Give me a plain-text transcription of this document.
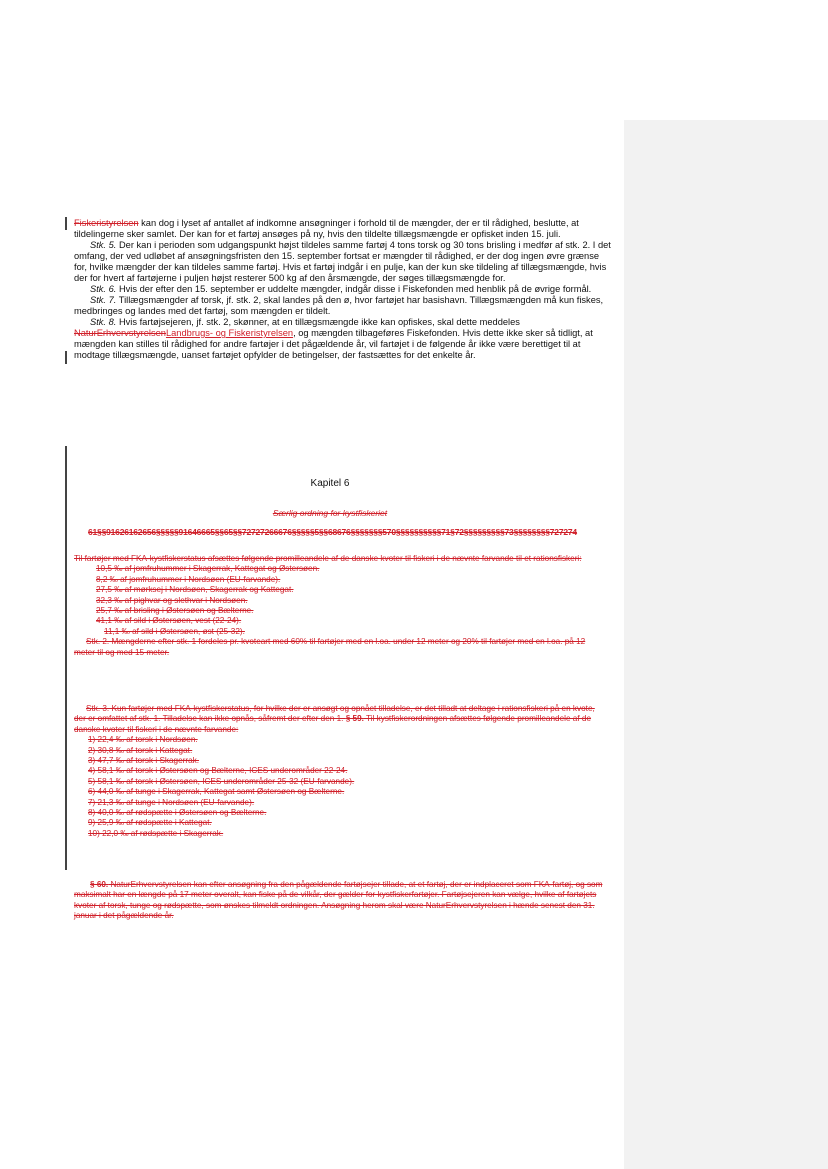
Fiskeristyrelsen kan dog i lyset af antallet af indkomne ansøgninger i forhold til de mængder, der er til rådighed, beslutte, at tildelingerne sker samlet. Der kan for et fartøj ansøges på ny, hvis den tildelte tillægsmængde er opfisket inden 15. juli.

Stk. 5. Der kan i perioden som udgangspunkt højst tildeles samme fartøj 4 tons torsk og 30 tons brisling i medfør af stk. 2. I det omfang, der ved udløbet af ansøgningsfristen den 15. september fortsat er mængder til rådighed, er der dog ingen øvre grænse for, hvilke mængder der kan tildeles samme fartøj. Hvis et fartøj indgår i en pulje, kan der kun ske tildeling af tillægsmængde, hvis der for hvert af fartøjerne i puljen højst resterer 500 kg af den årsmængde, der søges tillægsmængde for.

Stk. 6. Hvis der efter den 15. september er uddelte mængder, indgår disse i Fiskefonden med henblik på de øvrige formål.

Stk. 7. Tillægsmængder af torsk, jf. stk. 2, skal landes på den ø, hvor fartøjet har basishavn. Tillægsmængden må kun fiskes, medbringes og landes med det fartøj, som mængden er tildelt.

Stk. 8. Hvis fartøjsejeren, jf. stk. 2, skønner, at en tillægsmængde ikke kan opfiskes, skal dette meddeles NaturErhvervstyrelsenLandbrugs- og Fiskeristyrelsen, og mængden tilbageføres Fiskefonden. Hvis dette ikke sker så tidligt, at mængden kan stilles til rådighed for andre fartøjer i det pågældende år, vil fartøjet i de følgende år ikke være berettiget til at modtage tillægsmængde, uanset fartøjet opfylder de betingelser, der fastsættes for det enkelte år.

Kapitel 6
Særlig ordning for kystfiskeriet
61§§91626162656§§§§§91646665§§65§§72727266676§§§§§5§§68676§§§§§§§570§§§§§§§§§§71§72§§§§§§§§§73§§§§§§§§727274

Til fartøjer med FKA-kystfiskerstatus afsættes følgende promilleandele af de danske kvoter til fiskeri i de nævnte farvande til et rationsfiskeri:

10,5 ‰ af jomfruhummer i Skagerrak, Kattegat og Østersøen.

8,2 ‰ af jomfruhummer i Nordsøen (EU-farvande).

27,5 ‰ af mørksej i Nordsøen, Skagerrak og Kattegat.

32,3 ‰ af pighvar og slethvar i Nordsøen.

25,7 ‰ af brisling i Østersøen og Bælterne.

41,1 ‰ af sild i Østersøen, vest (22-24).

11,1 ‰ af sild i Østersøen, øst (25-32).

Stk. 2. Mængderne efter stk. 1 fordeles pr. kvoteart med 60% til fartøjer med en l.oa. under 12 meter og 20% til fartøjer med en l.oa. på 12 meter til og med 15 meter.

Stk. 3. Kun fartøjer med FKA-kystfiskerstatus, for hvilke der er ansøgt og opnået tilladelse, er det tilladt at deltage i rationsfiskeri på en kvote, der er omfattet af stk. 1. Tilladelse kan ikke opnås, såfremt der efter den 1. § 59. Til kystfiskerordningen afsættes følgende promilleandele af de danske kvoter til fiskeri i de nævnte farvande:

1) 22,4 ‰ af torsk i Nordsøen.

2) 30,8 ‰ af torsk i Kattegat.

3) 47,7 ‰ af torsk i Skagerrak.

4) 58,1 ‰ af torsk i Østersøen og Bælterne, ICES underområder 22-24.

5) 58,1 ‰ af torsk i Østersøen, ICES underområder 25-32 (EU-farvande).

6) 44,0 ‰ af tunge i Skagerrak, Kattegat samt Østersøen og Bælterne.

7) 21,3 ‰ af tunge i Nordsøen (EU-farvande).

8) 40,0 ‰ af rødspætte i Østersøen og Bælterne.

9) 25,9 ‰ af rødspætte i Kattegat.

10) 22,0 ‰ af rødspætte i Skagerrak.

§ 60. NaturErhvervstyrelsen kan efter ansøgning fra den pågældende fartøjsejer tillade, at et fartøj, der er indplaceret som FKA-fartøj, og som maksimalt har en længde på 17 meter overalt, kan fiske på de vilkår, der gælder for kystfiskerfartøjer. Fartøjsejeren kan vælge, hvilke af fartøjets kvoter af torsk, tunge og rødspætte, som ønskes tilmeldt ordningen. Ansøgning herom skal være NaturErhvervstyrelsen i hænde senest den 31. januar i det pågældende år.
